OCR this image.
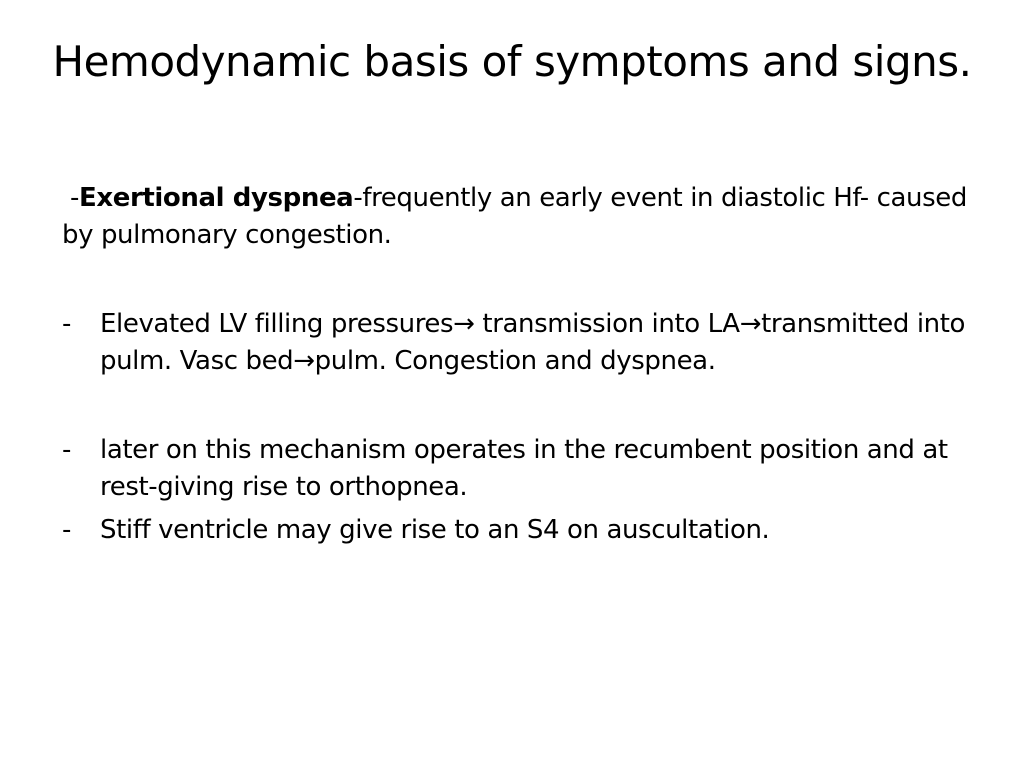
Hemodynamic basis of symptoms and signs.

-Exertional dyspnea-frequently an early event in diastolic Hf- caused by pulmonary congestion.

- Elevated LV filling pressures→ transmission into LA→transmitted into pulm. Vasc bed→pulm. Congestion and dyspnea.

- later on this mechanism operates in the recumbent position and at rest-giving rise to orthopnea.

- Stiff ventricle may give rise to an S4 on auscultation.
